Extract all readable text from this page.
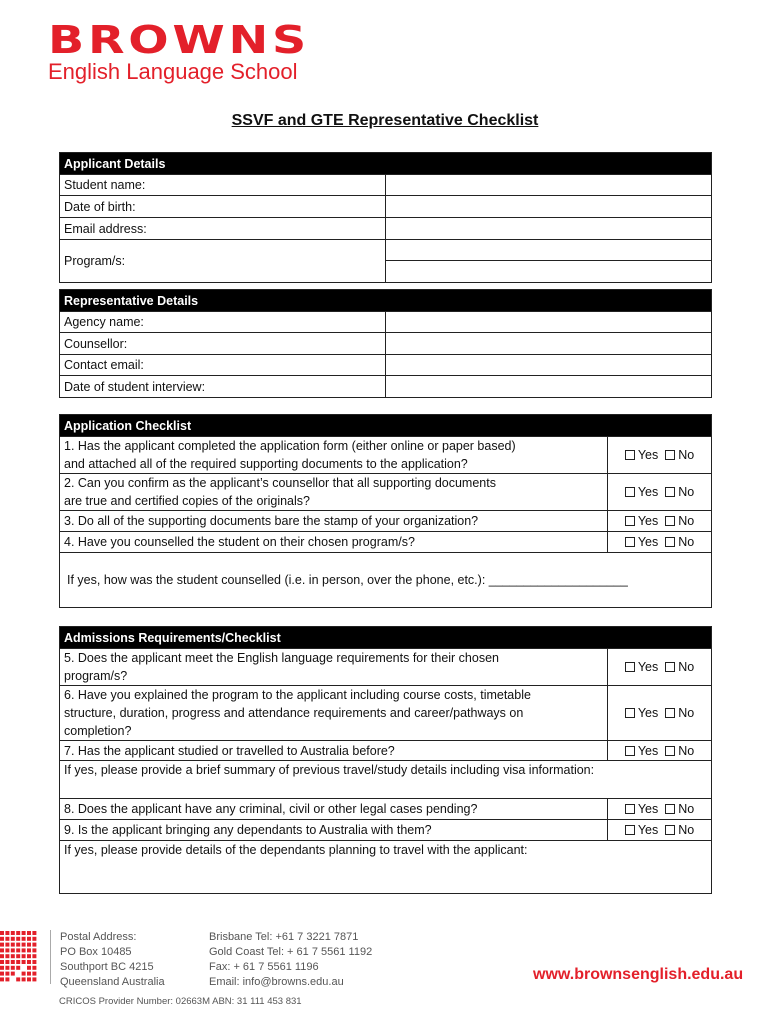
BROWNS
English Language School
SSVF and GTE Representative Checklist
Applicant Details	
Student name:	
Date of birth:	
Email address:	
Program/s:	
Representative Details	
Agency name:	
Counsellor:	
Contact email:	
Date of student interview:	
Application Checklist	
1. Has the applicant completed the application form (either online or paper based)
and attached all of the required supporting documents to the application?	Yes No
2. Can you confirm as the applicant’s counsellor that all supporting documents
are true and certified copies of the originals?	Yes No
3. Do all of the supporting documents bare the stamp of your organization?	Yes No
4. Have you counselled the student on their chosen program/s?	Yes No
If yes, how was the student counselled (i.e. in person, over the phone, etc.): ____________________	
Admissions Requirements/Checklist	
5. Does the applicant meet the English language requirements for their chosen
program/s?	Yes No
6. Have you explained the program to the applicant including course costs, timetable
structure, duration, progress and attendance requirements and career/pathways on
completion?	Yes No
7. Has the applicant studied or travelled to Australia before?	Yes No
If yes, please provide a brief summary of previous travel/study details including visa information:	
8. Does the applicant have any criminal, civil or other legal cases pending?	Yes No
9. Is the applicant bringing any dependants to Australia with them?	Yes No
If yes, please provide details of the dependants planning to travel with the applicant:	
Postal Address:
PO Box 10485
Southport BC 4215
Queensland Australia
Brisbane Tel: +61 7 3221 7871
Gold Coast Tel: + 61 7 5561 1192
Fax: + 61 7 5561 1196
Email: info@browns.edu.au	www.brownsenglish.edu.au
CRICOS Provider Number: 02663M ABN: 31 111 453 831
